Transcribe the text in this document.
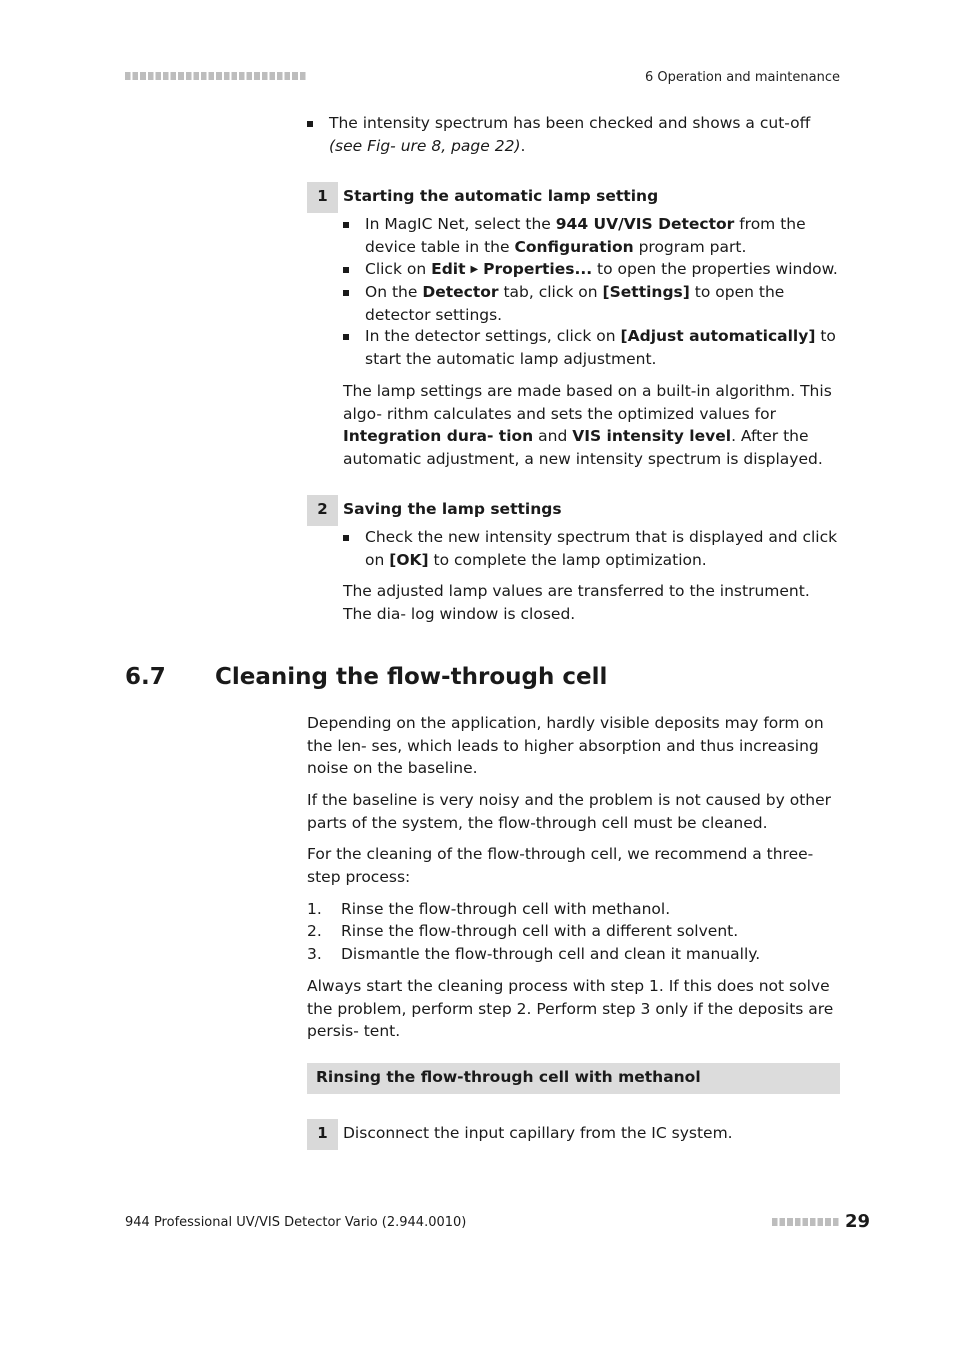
6 Operation and maintenance

The intensity spectrum has been checked and shows a cut-off (see Fig- ure 8, page 22).

1 Starting the automatic lamp setting

In MagIC Net, select the 944 UV/VIS Detector from the device table in the Configuration program part.

Click on Edit ▶ Properties... to open the properties window.

On the Detector tab, click on [Settings] to open the detector settings.

In the detector settings, click on [Adjust automatically] to start the automatic lamp adjustment.

The lamp settings are made based on a built-in algorithm. This algo- rithm calculates and sets the optimized values for Integration dura- tion and VIS intensity level. After the automatic adjustment, a new intensity spectrum is displayed.

2 Saving the lamp settings

Check the new intensity spectrum that is displayed and click on [OK] to complete the lamp optimization.

The adjusted lamp values are transferred to the instrument. The dia- log window is closed.

6.7 Cleaning the flow-through cell

Depending on the application, hardly visible deposits may form on the len- ses, which leads to higher absorption and thus increasing noise on the baseline.

If the baseline is very noisy and the problem is not caused by other parts of the system, the flow-through cell must be cleaned.

For the cleaning of the flow-through cell, we recommend a three-step process:

1. Rinse the flow-through cell with methanol.
2. Rinse the flow-through cell with a different solvent.
3. Dismantle the flow-through cell and clean it manually.

Always start the cleaning process with step 1. If this does not solve the problem, perform step 2. Perform step 3 only if the deposits are persis- tent.

Rinsing the flow-through cell with methanol
1 Disconnect the input capillary from the IC system.
944 Professional UV/VIS Detector Vario (2.944.0010)	29
